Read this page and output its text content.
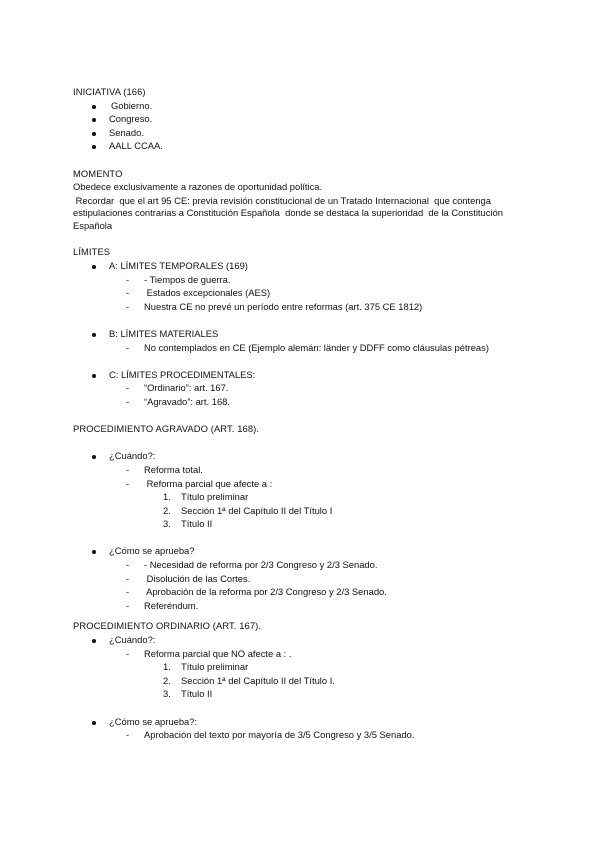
INICIATIVA (166)
Gobierno.
Congreso.
Senado.
AALL CCAA.
MOMENTO
Obedece exclusivamente a razones de oportunidad política.
Recordar  que el art 95 CE: previa revisión constitucional de un Tratado Internacional  que contenga estipulaciones contrarias a Constitución Española  donde se destaca la superioridad  de la Constitución Española
LÍMITES
A: LÍMITES TEMPORALES (169)
- - Tiempos de guerra.
- Estados excepcionales (AES)
- Nuestra CE no prevé un período entre reformas (art. 375 CE 1812)
B: LÍMITES MATERIALES
- No contemplados en CE (Ejemplo alemán: länder y DDFF como cláusulas pétreas)
C: LÍMITES PROCEDIMENTALES:
- “Ordinario”: art. 167.
- “Agravado”: art. 168.
PROCEDIMIENTO AGRAVADO (ART. 168).
¿Cuándo?:
- Reforma total.
- Reforma parcial que afecte a :
1. Título preliminar
2. Sección 1ª del Capítulo II del Título I
3. Título II
¿Cómo se aprueba?
- - Necesidad de reforma por 2/3 Congreso y 2/3 Senado.
- Disolución de las Cortes.
- Aprobación de la reforma por 2/3 Congreso y 2/3 Senado.
- Referéndum.
PROCEDIMIENTO ORDINARIO (ART. 167).
¿Cuándo?:
- Reforma parcial que NO afecte a : .
1. Título preliminar
2. Sección 1ª del Capítulo II del Título I.
3. Título II
¿Cómo se aprueba?:
- Aprobación del texto por mayoría de 3/5 Congreso y 3/5 Senado.
